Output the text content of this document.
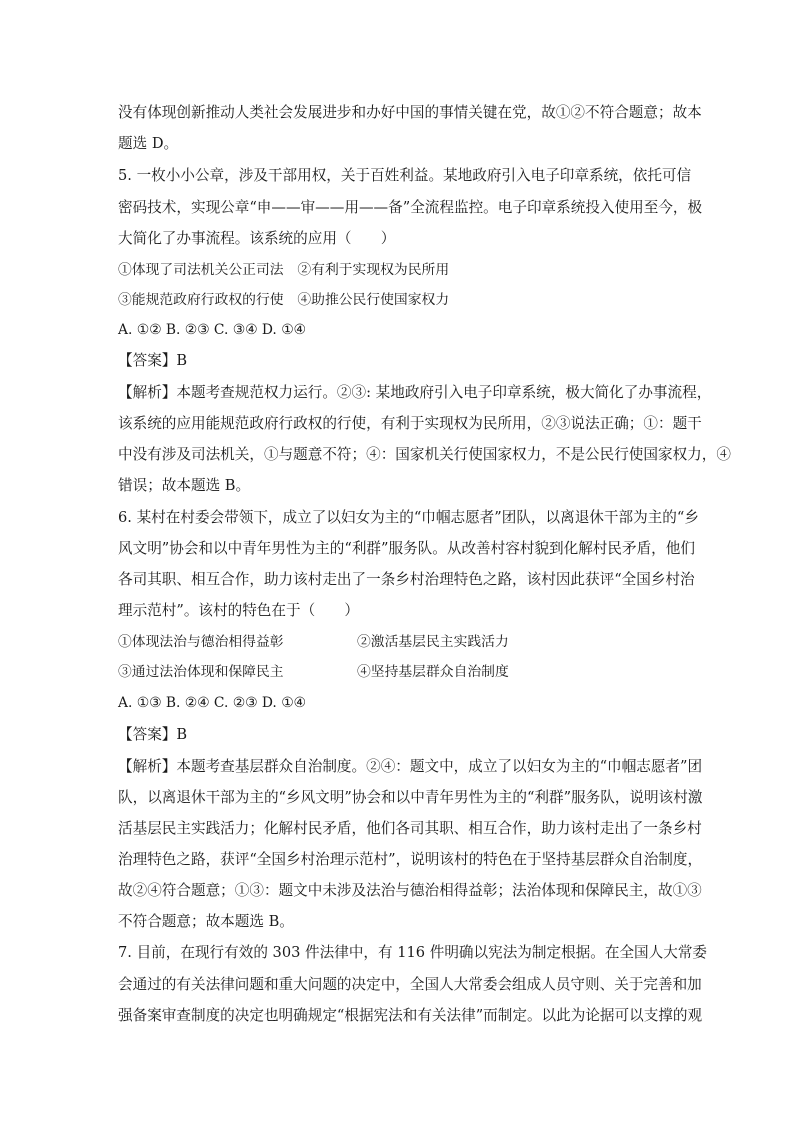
没有体现创新推动人类社会发展进步和办好中国的事情关键在党，故①②不符合题意；故本
题选 D。
5. 一枚小小公章，涉及干部用权，关于百姓利益。某地政府引入电子印章系统，依托可信
密码技术，实现公章“申——审——用——备”全流程监控。电子印章系统投入使用至今，极
大简化了办事流程。该系统的应用（　　）
①体现了司法机关公正司法　②有利于实现权为民所用
③能规范政府行政权的行使　④助推公民行使国家权力
A. ①② B. ②③ C. ③④ D. ①④
【答案】B
【解析】本题考查规范权力运行。②③: 某地政府引入电子印章系统，极大简化了办事流程，
该系统的应用能规范政府行政权的行使，有利于实现权为民所用，②③说法正确；①：题干
中没有涉及司法机关，①与题意不符；④：国家机关行使国家权力，不是公民行使国家权力，④
错误；故本题选 B。
6. 某村在村委会带领下，成立了以妇女为主的“巾帼志愿者”团队，以离退休干部为主的“乡
风文明”协会和以中青年男性为主的“利群”服务队。从改善村容村貌到化解村民矛盾，他们
各司其职、相互合作，助力该村走出了一条乡村治理特色之路，该村因此获评“全国乡村治
理示范村”。该村的特色在于（　　）
①体现法治与德治相得益彰	②激活基层民主实践活力
③通过法治体现和保障民主	④坚持基层群众自治制度
A. ①③ B. ②④ C. ②③ D. ①④
【答案】B
【解析】本题考查基层群众自治制度。②④：题文中，成立了以妇女为主的“巾帼志愿者”团
队，以离退休干部为主的“乡风文明”协会和以中青年男性为主的“利群”服务队，说明该村激
活基层民主实践活力；化解村民矛盾，他们各司其职、相互合作，助力该村走出了一条乡村
治理特色之路，获评“全国乡村治理示范村”，说明该村的特色在于坚持基层群众自治制度，
故②④符合题意；①③：题文中未涉及法治与德治相得益彰；法治体现和保障民主，故①③
不符合题意；故本题选 B。
7. 目前，在现行有效的 303 件法律中，有 116 件明确以宪法为制定根据。在全国人大常委
会通过的有关法律问题和重大问题的决定中，全国人大常委会组成人员守则、关于完善和加
强备案审查制度的决定也明确规定“根据宪法和有关法律”而制定。以此为论据可以支撑的观
